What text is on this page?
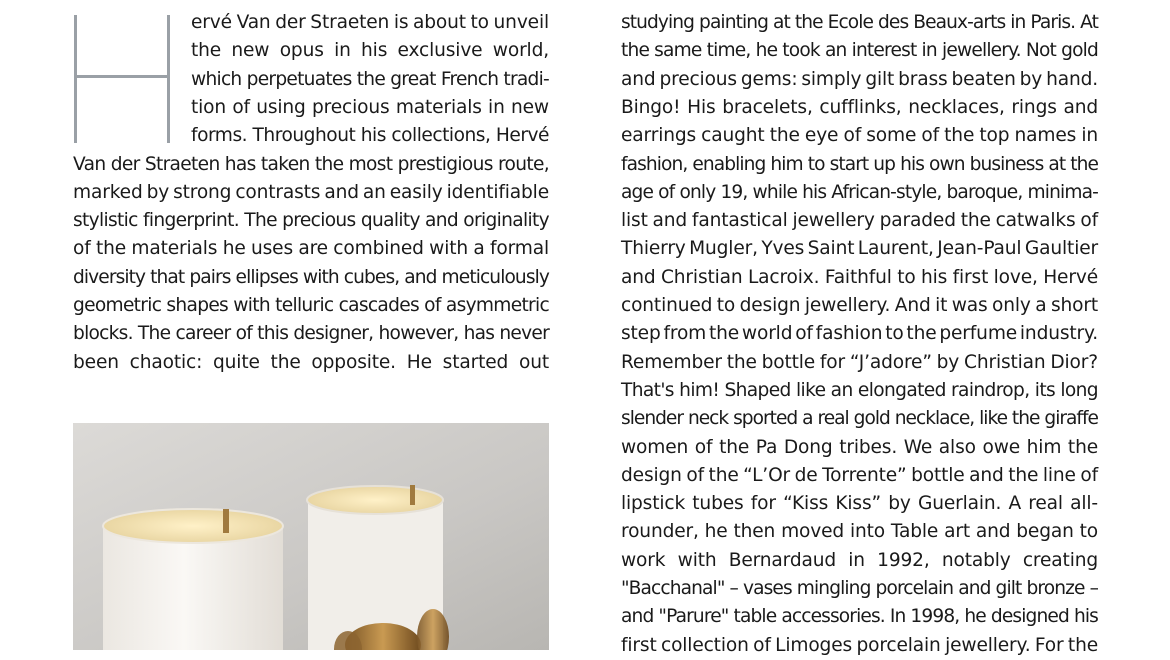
ervé Van der Straeten is about to unveil
the new opus in his exclusive world,
which perpetuates the great French tradi-
tion of using precious materials in new
forms. Throughout his collections, Hervé
Van der Straeten has taken the most prestigious route,
marked by strong contrasts and an easily identifiable
stylistic fingerprint. The precious quality and originality
of the materials he uses are combined with a formal
diversity that pairs ellipses with cubes, and meticulously
geometric shapes with telluric cascades of asymmetric
blocks. The career of this designer, however, has never
been chaotic: quite the opposite. He started out
studying painting at the Ecole des Beaux-arts in Paris. At
the same time, he took an interest in jewellery. Not gold
and precious gems: simply gilt brass beaten by hand.
Bingo! His bracelets, cufflinks, necklaces, rings and
earrings caught the eye of some of the top names in
fashion, enabling him to start up his own business at the
age of only 19, while his African-style, baroque, minima-
list and fantastical jewellery paraded the catwalks of
Thierry Mugler, Yves Saint Laurent, Jean-Paul Gaultier
and Christian Lacroix. Faithful to his first love, Hervé
continued to design jewellery. And it was only a short
step from the world of fashion to the perfume industry.
Remember the bottle for “J’adore” by Christian Dior?
That's him! Shaped like an elongated raindrop, its long
slender neck sported a real gold necklace, like the giraffe
women of the Pa Dong tribes. We also owe him the
design of the “L’Or de Torrente” bottle and the line of
lipstick tubes for “Kiss Kiss” by Guerlain. A real all-
rounder, he then moved into Table art and began to
work with Bernardaud in 1992, notably creating
"Bacchanal" – vases mingling porcelain and gilt bronze –
and "Parure" table accessories. In 1998, he designed his
first collection of Limoges porcelain jewellery. For the
